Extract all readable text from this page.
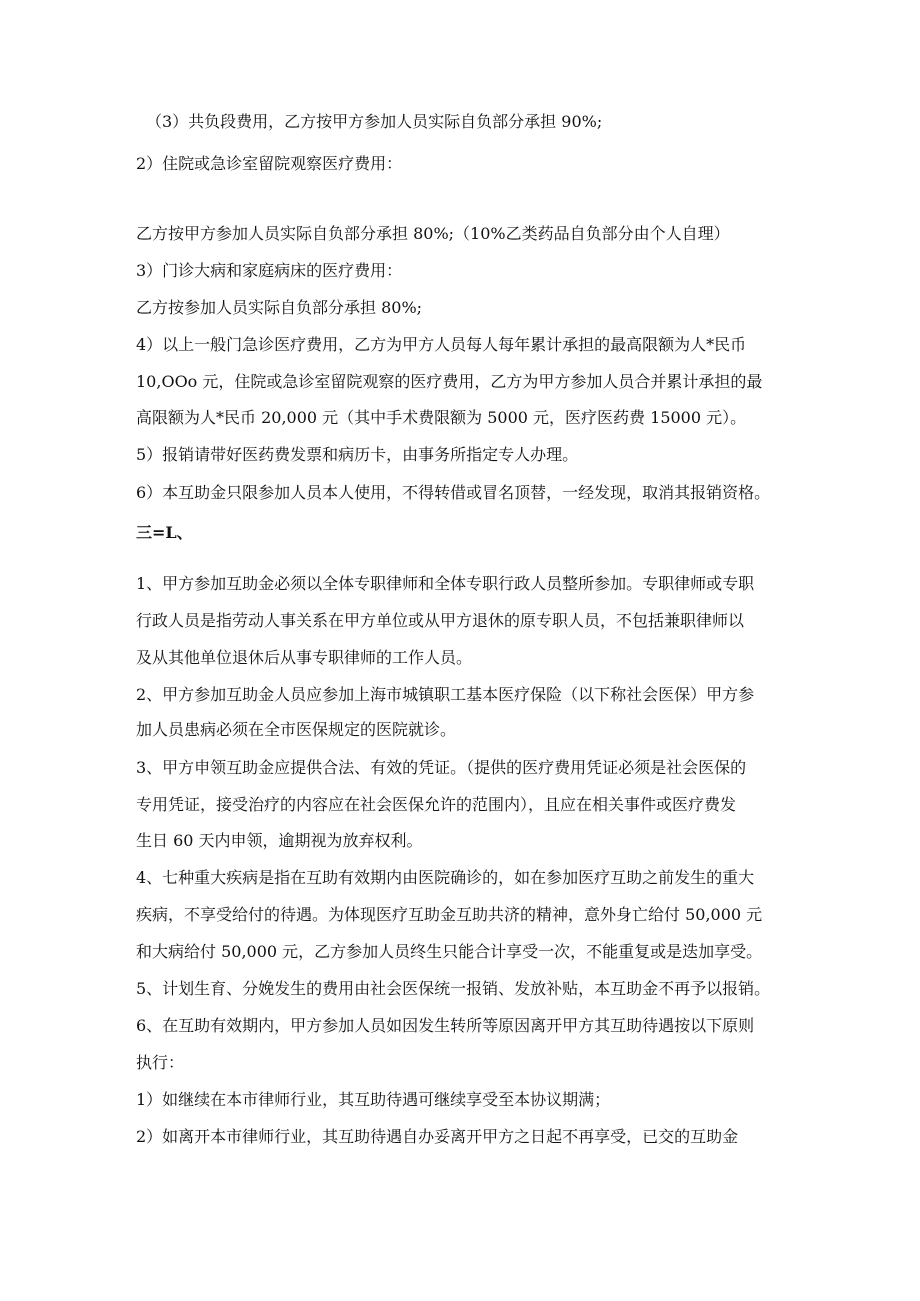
（3）共负段费用，乙方按甲方参加人员实际自负部分承担 90%;

2）住院或急诊室留院观察医疗费用：

乙方按甲方参加人员实际自负部分承担 80%;（10%乙类药品自负部分由个人自理）

3）门诊大病和家庭病床的医疗费用：

乙方按参加人员实际自负部分承担 80%;

4）以上一般门急诊医疗费用，乙方为甲方人员每人每年累计承担的最高限额为人*民币

10,OOo 元，住院或急诊室留院观察的医疗费用，乙方为甲方参加人员合并累计承担的最

高限额为人*民币 20,000 元（其中手术费限额为 5000 元，医疗医药费 15000 元）。

5）报销请带好医药费发票和病历卡，由事务所指定专人办理。

6）本互助金只限参加人员本人使用，不得转借或冒名顶替，一经发现，取消其报销资格。

三=L、

1、甲方参加互助金必须以全体专职律师和全体专职行政人员整所参加。专职律师或专职

行政人员是指劳动人事关系在甲方单位或从甲方退休的原专职人员，不包括兼职律师以

及从其他单位退休后从事专职律师的工作人员。

2、甲方参加互助金人员应参加上海市城镇职工基本医疗保险（以下称社会医保）甲方参

加人员患病必须在全市医保规定的医院就诊。

3、甲方申领互助金应提供合法、有效的凭证。（提供的医疗费用凭证必须是社会医保的

专用凭证，接受治疗的内容应在社会医保允许的范围内），且应在相关事件或医疗费发

生日 60 天内申领，逾期视为放弃权利。

4、七种重大疾病是指在互助有效期内由医院确诊的，如在参加医疗互助之前发生的重大

疾病，不享受给付的待遇。为体现医疗互助金互助共济的精神，意外身亡给付 50,000 元

和大病给付 50,000 元，乙方参加人员终生只能合计享受一次，不能重复或是迭加享受。

5、计划生育、分娩发生的费用由社会医保统一报销、发放补贴，本互助金不再予以报销。

6、在互助有效期内，甲方参加人员如因发生转所等原因离开甲方其互助待遇按以下原则

执行：

1）如继续在本市律师行业，其互助待遇可继续享受至本协议期满；

2）如离开本市律师行业，其互助待遇自办妥离开甲方之日起不再享受，已交的互助金
